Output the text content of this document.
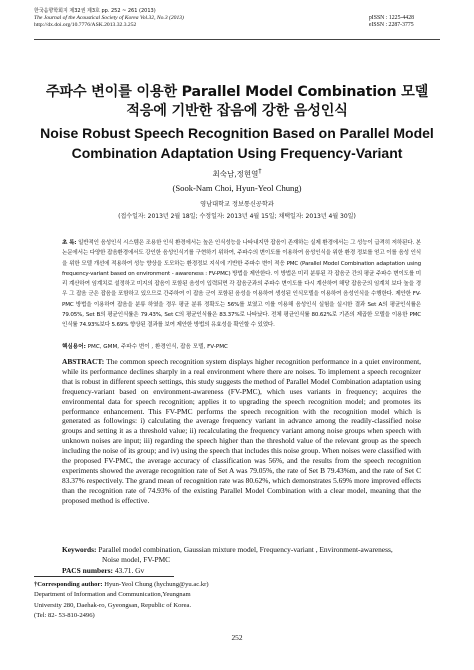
한국음향학회지 제32권 제3호 pp. 252 ~ 261 (2013)
The Journal of the Acoustical Society of Korea Vol.32, No.3 (2013)
http://dx.doi.org/10.7776/ASK.2013.32.3.252
pISSN : 1225-4428
eISSN : 2287-3775
주파수 변이를 이용한 Parallel Model Combination 모델
적응에 기반한 잡음에 강한 음성인식
Noise Robust Speech Recognition Based on Parallel Model
Combination Adaptation Using Frequency-Variant
최숙남,정현열†
(Sook-Nam Choi, Hyun-Yeol Chung)
영남대학교 정보통신공학과
(접수일자: 2013년 2월 18일; 수정일자: 2013년 4월 15일; 채택일자: 2013년 4월 30일)
초 록: 일반적인 음성인식 시스템은 조용한 인식 환경에서는 높은 인식성능을 나타내지만 잡음이 존재하는 실제 환경에서는 그 성능이 급격히 저하된다. 본 논문에서는 다양한 잡음환경에서도 강인한 음성인식기를 구현하기 위하여, 주파수의 변이도를 이용하여 음성인식을 위한 환경 정보를 얻고 이를 음성 인식을 위한 모델 개선에 적용하여 성능 향상을 도모하는 환경정보 지식에 기반한 주파수 변이 적응 PMC (Parallel Model Combination adaptation using frequency-variant based on environment - awareness : FV-PMC) 방법을 제안한다. 이 방법은 미리 분류된 각 잡음군 간의 평균 주파수 변이도를 미리 계산하여 임계치로 설정하고 미지의 잡음이 포함된 음성이 입력되면 각 잡음군과의 주파수 변이도를 다시 계산하여 해당 잡음군의 임계치 보다 높을 경우 그 잡음 군은 잡음을 포함하고 있으므로 간주하여 이 잡음 군이 포함된 음성을 이용하여 생성된 인식모델을 이용하여 음성인식을 수행한다. 제안한 FV-PMC 방법을 이용하여 잡음을 분류 하였을 경우 평균 분류 정확도는 56%를 보였고 이를 이용해 음성인식 실험을 실시한 결과 Set A의 평균인식률은 79.05%, Set B의 평균인식률은 79.43%, Set C의 평균인식률은 83.37%로 나타났다. 전체 평균인식률 80.62%로 기존의 제곱한 모델을 이용한 PMC 인식률 74.93%보다 5.69% 향상된 결과를 보여 제안한 방법의 유효성을 확인할 수 있었다.
핵심용어: PMC, GMM, 주파수 변이 , 환경인식, 잡음 모델, FV-PMC
ABSTRACT: The common speech recognition system displays higher recognition performance in a quiet environment, while its performance declines sharply in a real environment where there are noises. To implement a speech recognizer that is robust in different speech settings, this study suggests the method of Parallel Model Combination adaptation using frequency-variant based on environment-awareness (FV-PMC), which uses variants in frequency; acquires the environmental data for speech recognition; applies it to upgrading the speech recognition model; and promotes its performance enhancement. This FV-PMC performs the speech recognition with the recognition model which is generated as followings: i) calculating the average frequency variant in advance among the readily-classified noise groups and setting it as a threshold value; ii) recalculating the frequency variant among noise groups when speech with unknown noises are input; iii) regarding the speech higher than the threshold value of the relevant group as the speech including the noise of its group; and iv) using the speech that includes this noise group. When noises were classified with the proposed FV-PMC, the average accuracy of classification was 56%, and the results from the speech recognition experiments showed the average recognition rate of Set A was 79.05%, the rate of Set B 79.43%m, and the rate of Set C 83.37% respectively. The grand mean of recognition rate was 80.62%, which demonstrates 5.69% more improved effects than the recognition rate of 74.93% of the existing Parallel Model Combination with a clear model, meaning that the proposed method is effective.
Keywords: Parallel model combination, Gaussian mixture model, Frequency-variant , Environment-awareness,
Noise model, FV-PMC
PACS numbers: 43.71. Gv
†Corresponding author: Hyun-Yeol Chung (hychung@yu.ac.kr)
Department of Information and Communication,Yeungnam
University 280, Daehak-ro, Gyeongsan, Republic of Korea.
(Tel: 82- 53-810-2496)
252
